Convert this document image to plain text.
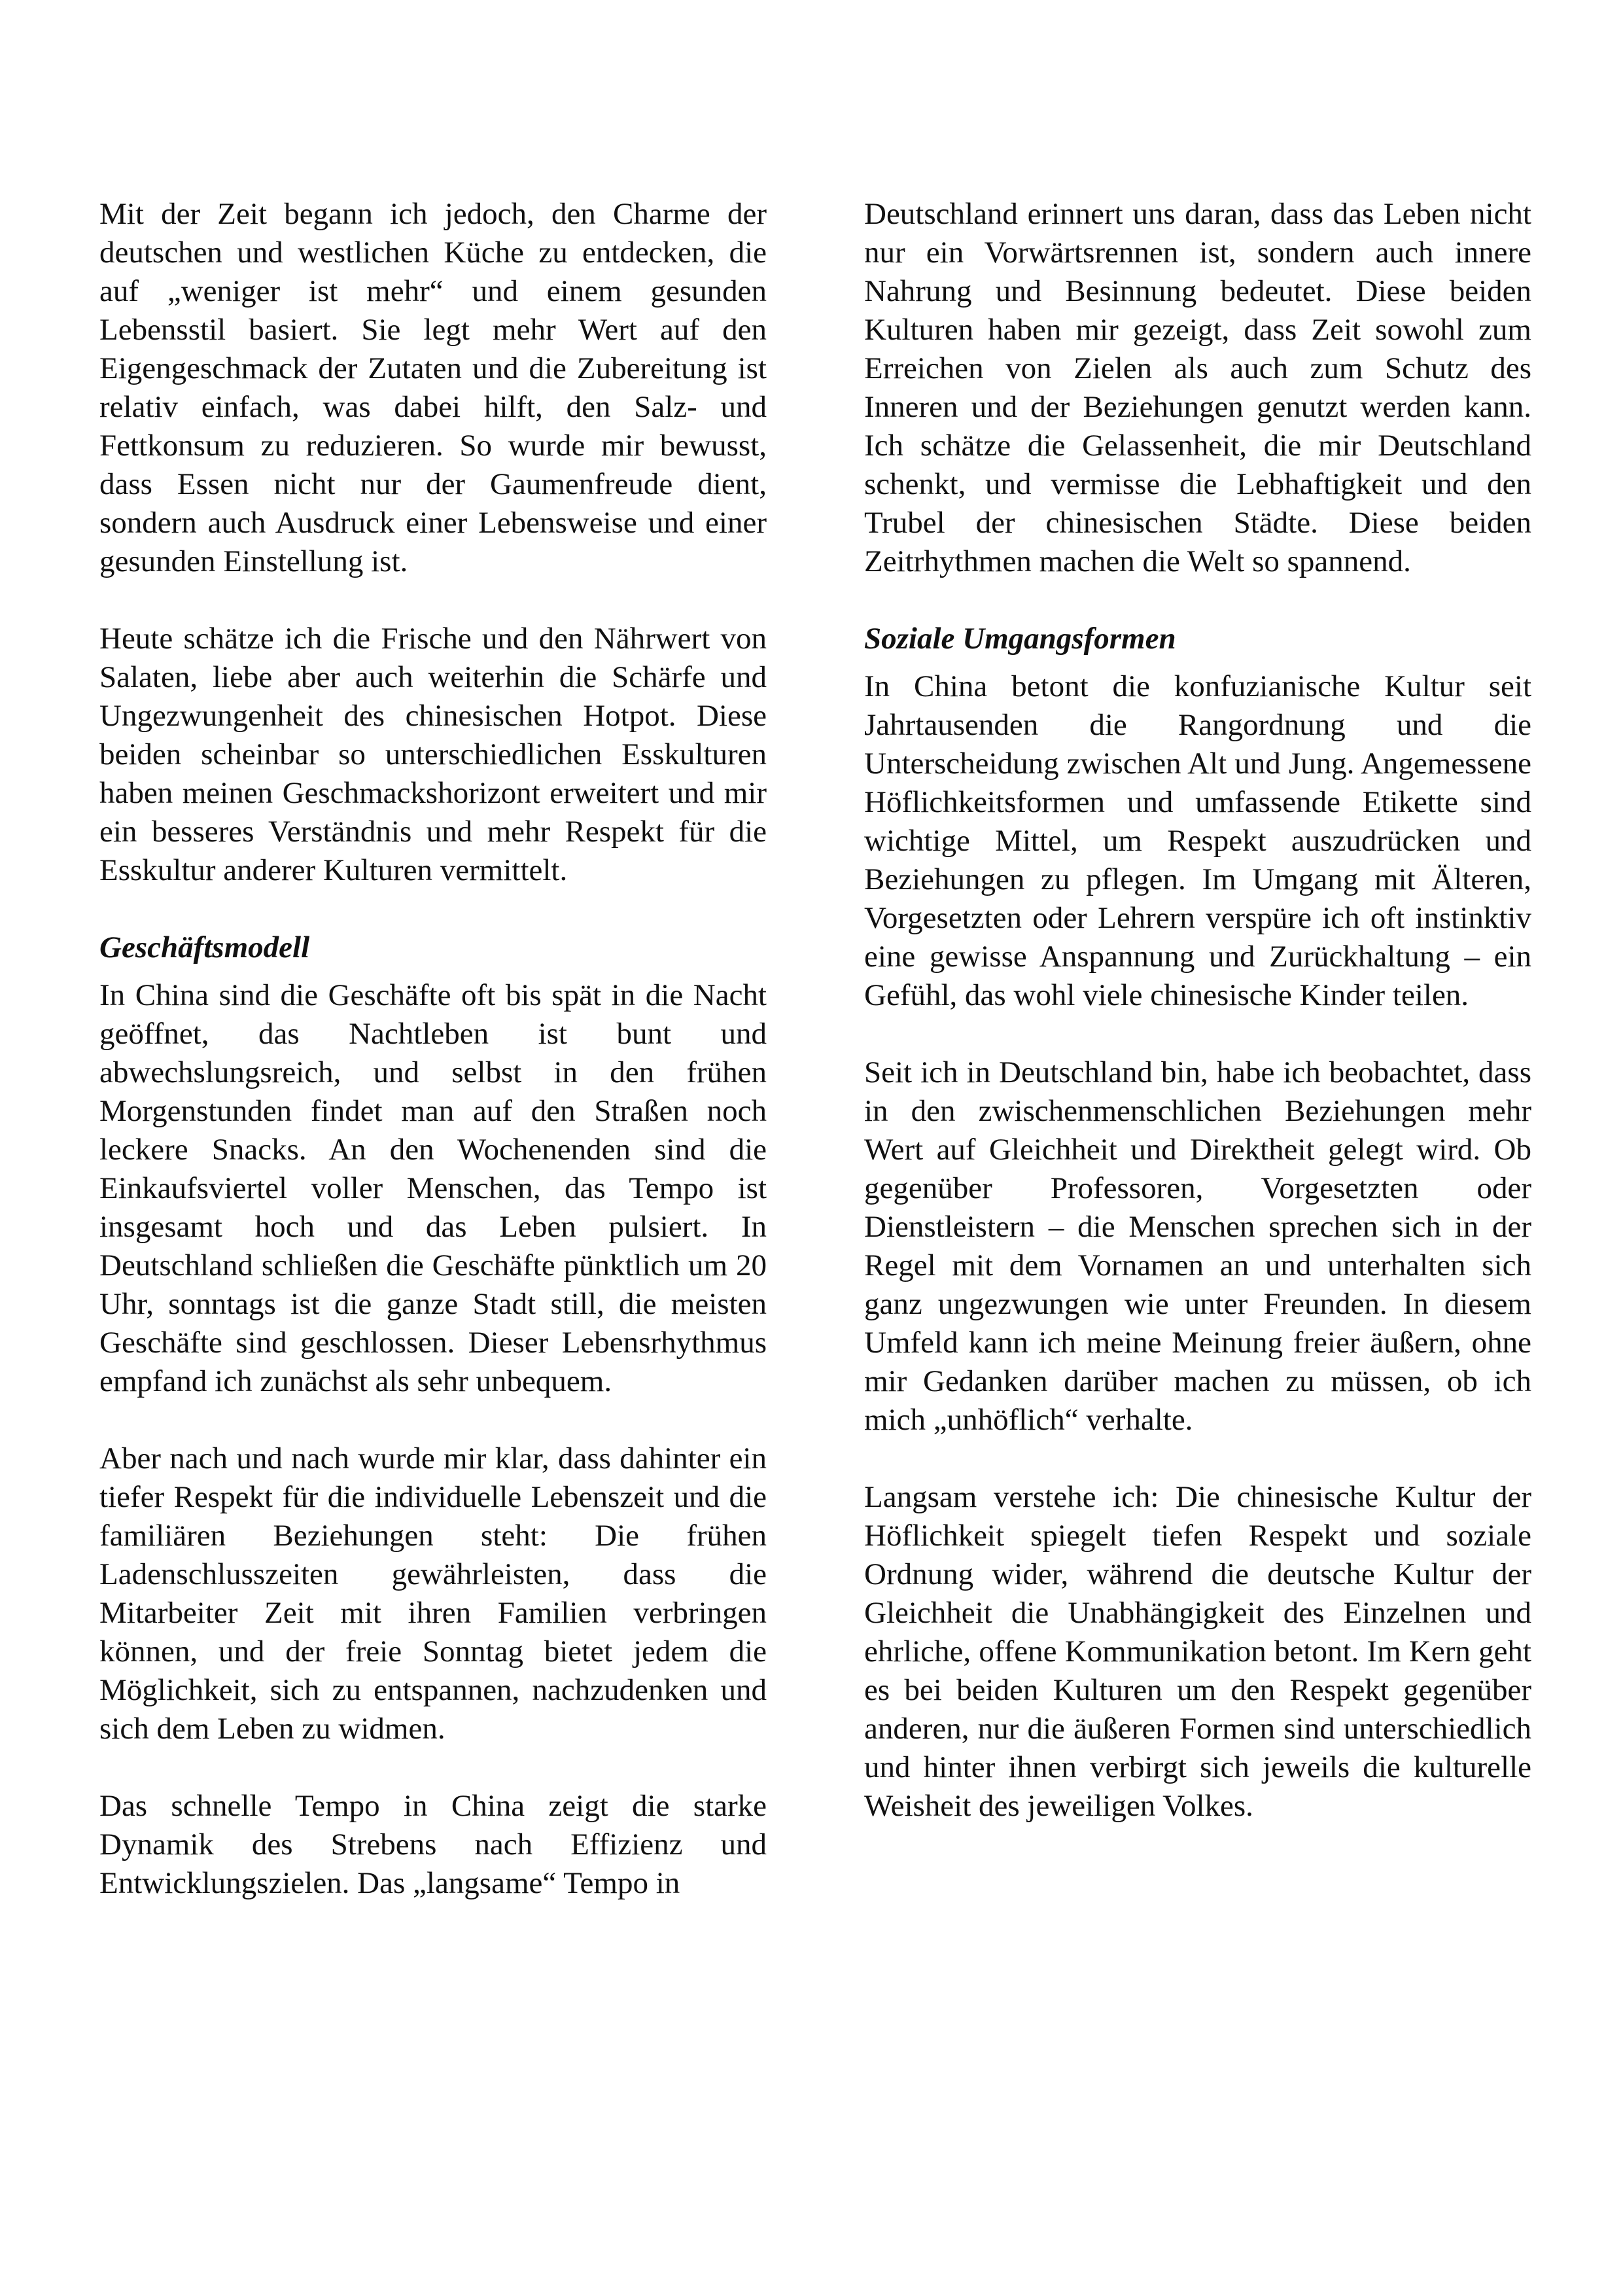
Mit der Zeit begann ich jedoch, den Charme der deutschen und westlichen Küche zu entdecken, die auf „weniger ist mehr“ und einem gesunden Lebensstil basiert. Sie legt mehr Wert auf den Eigengeschmack der Zutaten und die Zubereitung ist relativ einfach, was dabei hilft, den Salz- und Fettkonsum zu reduzieren. So wurde mir bewusst, dass Essen nicht nur der Gaumenfreude dient, sondern auch Ausdruck einer Lebensweise und einer gesunden Einstellung ist.

Heute schätze ich die Frische und den Nährwert von Salaten, liebe aber auch weiterhin die Schärfe und Ungezwungenheit des chinesischen Hotpot. Diese beiden scheinbar so unterschiedlichen Esskulturen haben meinen Geschmackshorizont erweitert und mir ein besseres Verständnis und mehr Respekt für die Esskultur anderer Kulturen vermittelt.

Geschäftsmodell

In China sind die Geschäfte oft bis spät in die Nacht geöffnet, das Nachtleben ist bunt und abwechslungsreich, und selbst in den frühen Morgenstunden findet man auf den Straßen noch leckere Snacks. An den Wochenenden sind die Einkaufsviertel voller Menschen, das Tempo ist insgesamt hoch und das Leben pulsiert. In Deutschland schließen die Geschäfte pünktlich um 20 Uhr, sonntags ist die ganze Stadt still, die meisten Geschäfte sind geschlossen. Dieser Lebensrhythmus empfand ich zunächst als sehr unbequem.

Aber nach und nach wurde mir klar, dass dahinter ein tiefer Respekt für die individuelle Lebenszeit und die familiären Beziehungen steht: Die frühen Ladenschlusszeiten gewährleisten, dass die Mitarbeiter Zeit mit ihren Familien verbringen können, und der freie Sonntag bietet jedem die Möglichkeit, sich zu entspannen, nachzudenken und sich dem Leben zu widmen.

Das schnelle Tempo in China zeigt die starke Dynamik des Strebens nach Effizienz und Entwicklungszielen. Das „langsame“ Tempo in

Deutschland erinnert uns daran, dass das Leben nicht nur ein Vorwärtsrennen ist, sondern auch innere Nahrung und Besinnung bedeutet. Diese beiden Kulturen haben mir gezeigt, dass Zeit sowohl zum Erreichen von Zielen als auch zum Schutz des Inneren und der Beziehungen genutzt werden kann. Ich schätze die Gelassenheit, die mir Deutschland schenkt, und vermisse die Lebhaftigkeit und den Trubel der chinesischen Städte. Diese beiden Zeitrhythmen machen die Welt so spannend.

Soziale Umgangsformen

In China betont die konfuzianische Kultur seit Jahrtausenden die Rangordnung und die Unterscheidung zwischen Alt und Jung. Angemessene Höflichkeitsformen und umfassende Etikette sind wichtige Mittel, um Respekt auszudrücken und Beziehungen zu pflegen. Im Umgang mit Älteren, Vorgesetzten oder Lehrern verspüre ich oft instinktiv eine gewisse Anspannung und Zurückhaltung – ein Gefühl, das wohl viele chinesische Kinder teilen.

Seit ich in Deutschland bin, habe ich beobachtet, dass in den zwischenmenschlichen Beziehungen mehr Wert auf Gleichheit und Direktheit gelegt wird. Ob gegenüber Professoren, Vorgesetzten oder Dienstleistern – die Menschen sprechen sich in der Regel mit dem Vornamen an und unterhalten sich ganz ungezwungen wie unter Freunden. In diesem Umfeld kann ich meine Meinung freier äußern, ohne mir Gedanken darüber machen zu müssen, ob ich mich „unhöflich“ verhalte.

Langsam verstehe ich: Die chinesische Kultur der Höflichkeit spiegelt tiefen Respekt und soziale Ordnung wider, während die deutsche Kultur der Gleichheit die Unabhängigkeit des Einzelnen und ehrliche, offene Kommunikation betont. Im Kern geht es bei beiden Kulturen um den Respekt gegenüber anderen, nur die äußeren Formen sind unterschiedlich und hinter ihnen verbirgt sich jeweils die kulturelle Weisheit des jeweiligen Volkes.
